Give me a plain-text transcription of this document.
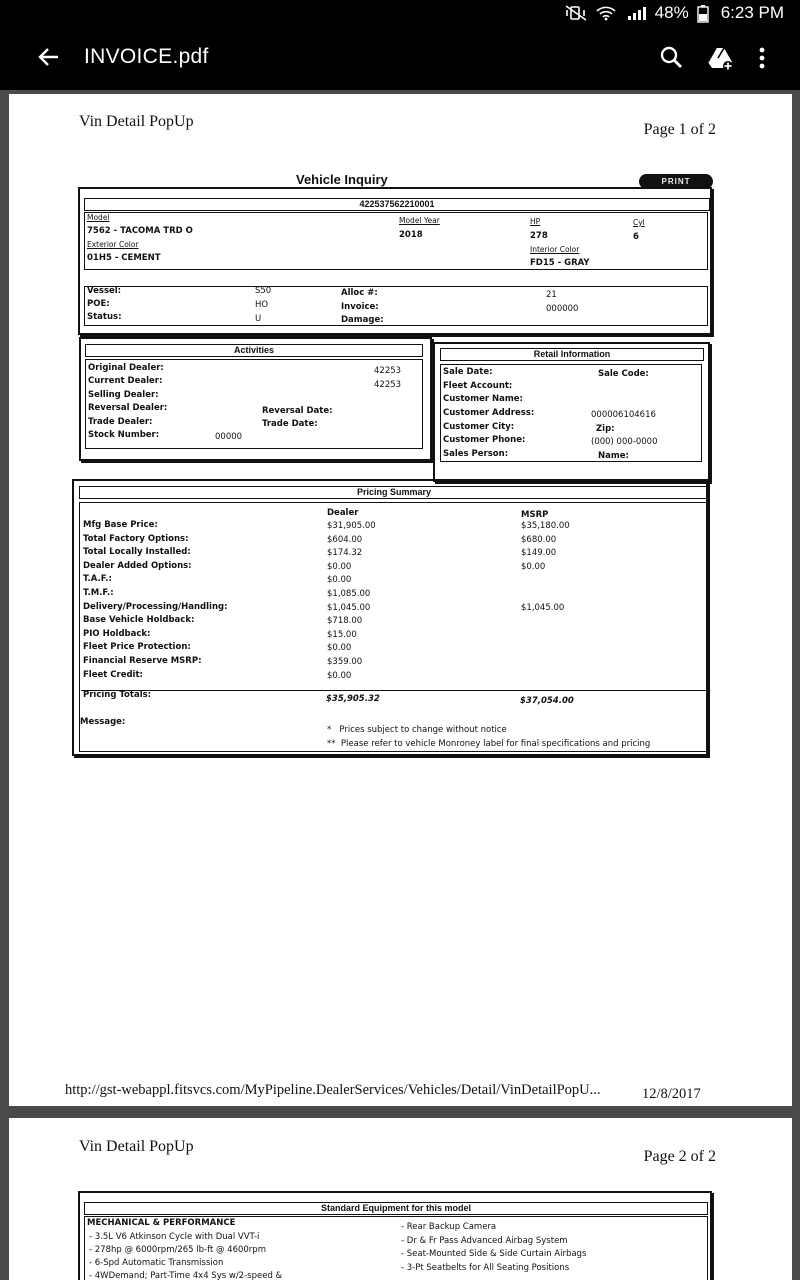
48% 6:23 PM
INVOICE.pdf
Vin Detail PopUp	Page 1 of 2
Vehicle Inquiry	PRINT
422537562210001
Model
7562 - TACOMA TRD O
Exterior Color
01H5 - CEMENT
Model Year
2018
HP
278
Cyl
6
Interior Color
FD15 - GRAY
Vessel:	S50
POE:	HO
Status:	U
Alloc #:	21
Invoice:	000000
Damage:
Activities
Original Dealer:	42253
Current Dealer:	42253
Selling Dealer:
Reversal Dealer:	Reversal Date:
Trade Dealer:	Trade Date:
Stock Number:	00000
Retail Information
Sale Date:	Sale Code:
Fleet Account:
Customer Name:
Customer Address:	000006104616
Customer City:	Zip:
Customer Phone:	(000) 000-0000
Sales Person:	Name:
Pricing Summary
Dealer	MSRP
Mfg Base Price:	$31,905.00	$35,180.00
Total Factory Options:	$604.00	$680.00
Total Locally Installed:	$174.32	$149.00
Dealer Added Options:	$0.00	$0.00
T.A.F.:	$0.00
T.M.F.:	$1,085.00
Delivery/Processing/Handling:	$1,045.00	$1,045.00
Base Vehicle Holdback:	$718.00
PIO Holdback:	$15.00
Fleet Price Protection:	$0.00
Financial Reserve MSRP:	$359.00
Fleet Credit:	$0.00
Pricing Totals:	$35,905.32	$37,054.00
Message:
*   Prices subject to change without notice
**  Please refer to vehicle Monroney label for final specifications and pricing
http://gst-webappl.fitsvcs.com/MyPipeline.DealerServices/Vehicles/Detail/VinDetailPopU...	12/8/2017
Vin Detail PopUp
Page 2 of 2
Standard Equipment for this model
MECHANICAL & PERFORMANCE
- 3.5L V6 Atkinson Cycle with Dual VVT-i
- 278hp @ 6000rpm/265 lb-ft @ 4600rpm
- 6-Spd Automatic Transmission
- 4WDemand; Part-Time 4x4 Sys w/2-speed &
- Rear Backup Camera
- Dr & Fr Pass Advanced Airbag System
- Seat-Mounted Side & Side Curtain Airbags
- 3-Pt Seatbelts for All Seating Positions
